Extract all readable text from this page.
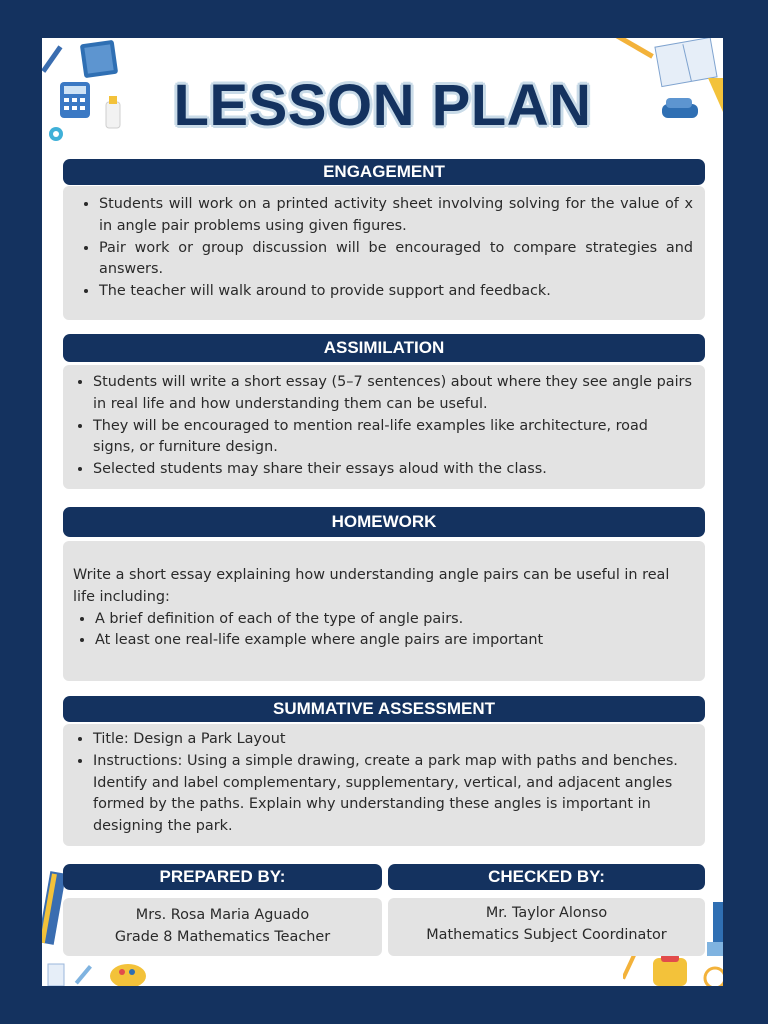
LESSON PLAN
ENGAGEMENT
• Students will work on a printed activity sheet involving solving for the value of x in angle pair problems using given figures.
• Pair work or group discussion will be encouraged to compare strategies and answers.
• The teacher will walk around to provide support and feedback.
ASSIMILATION
• Students will write a short essay (5–7 sentences) about where they see angle pairs in real life and how understanding them can be useful.
• They will be encouraged to mention real-life examples like architecture, road signs, or furniture design.
• Selected students may share their essays aloud with the class.
HOMEWORK

Write a short essay explaining how understanding angle pairs can be useful in real life including:

• A brief definition of each of the type of angle pairs.
• At least one real-life example where angle pairs are important
SUMMATIVE ASSESSMENT
• Title: Design a Park Layout
• Instructions: Using a simple drawing, create a park map with paths and benches. Identify and label complementary, supplementary, vertical, and adjacent angles formed by the paths. Explain why understanding these angles is important in designing the park.
PREPARED BY:
Mrs. Rosa Maria Aguado
Grade 8 Mathematics Teacher
CHECKED BY:
Mr. Taylor Alonso
Mathematics Subject Coordinator
